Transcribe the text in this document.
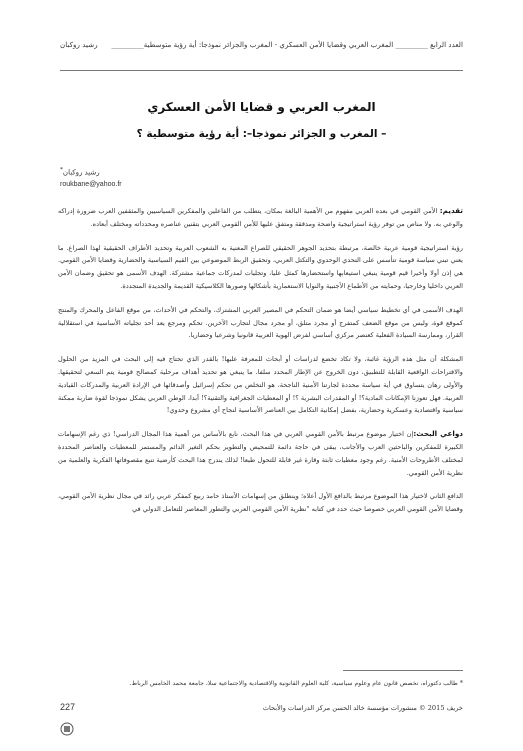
العدد الرابع _________ المغرب العربي وقضايا الأمن العسكري - المغرب والجزائر نموذجا: أية رؤية متوسطية_________
رشيد روكبان
المغرب العربي و قضايا الأمن العسكري
– المغرب و الجزائر نموذجا–: أية رؤية متوسطية ؟
رشيد روكبان*
roukbane@yahoo.fr

تقديم: الأمن القومي في بعده العربي مفهوم من الأهمية البالغة بمكان، يتطلب من الفاعلين والمفكرين السياسيين والمثقفين العرب ضرورة إدراكه والوعي به. ولا مناص من توفر رؤية استراتيجية واضحة ومدققة ومتفق عليها للأمن القومي العربي بتقنين عناصره ومحدداته ومختلف أبعاده.

رؤية استراتيجية قومية عربية خالصة، مرتبطة بتحديد الجوهر الحقيقي للصراع المعنية به الشعوب العربية وتحديد الأطراف الحقيقية لهذا الصراع. ما يعني تبني سياسة قومية تتأسس على التحدي الوحدوي والتكتل العربي، وتحقيق الربط الموضوعي بين القيم السياسية والحضارية وقضايا الأمن القومي. هي إذن أولا وأخيرا قيم قومية ينبغي استيعابها واستحضارها كمثل عليا، وتجليات لمدركات جماعية مشتركة. الهدف الأسمى هو تحقيق وضمان الأمن العربي داخليا وخارجيا، وحمايته من الأطماع الأجنبية والنوايا الاستعمارية بأشكالها وصورها الكلاسيكية القديمة والجديدة المتجددة.

الهدف الأسمى في أي تخطيط سياسي أيضا هو ضمان التحكم في المصير العربي المشترك، والتحكم في الأحداث، من موقع الفاعل والمحرك والمنتج كموقع قوة، وليس من موقع الضعف كمتفرج أو مجرد متلق، أو مجرد مجال لتجارب الآخرين. تحكم ومرجع يعد أحد تجلياته الأساسية في استقلالية القرار، وممارسة السيادة الفعلية كعنصر مركزي أساسي لفرض الهوية العربية قانونيا وشرعيا وحضاريا.

المشكلة أن مثل هذه الرؤية غائبة، ولا تكاد تخضع لدراسات أو أبحاث للمعرفة عليها! بالقدر الذي تحتاج فيه إلى البحث في المزيد من الحلول والاقتراحات الواقعية القابلة للتطبيق، دون الخروج عن الإطار المحدد سلفا. ما ينبغي هو تحديد أهداف مرحلية كمصالح قومية يتم السعي لتحقيقها. والأولى رهان يتساوق في أية سياسة محددة لجارتنا الأمنية الناجحة، هو التخلص من تحكم إسرائيل وأصدقائها في الإرادة العربية والمدركات القيادية العربية. فهل تعوزنا الإمكانات المادية؟! أو المقدرات البشرية ؟! أو المعطيات الجغرافية والتقنية؟! أبدا، الوطن العربي يشكل نموذجا لقوة ضاربة ممكنة سياسية واقتصادية وعسكرية وحضارية، بفضل إمكانية التكامل بين العناصر الأساسية لنجاح أي مشروع وحدوي!

دواعي البحث:إن اختيار موضوع مرتبط بالأمن القومي العربي في هذا البحث، نابع بالأساس من أهمية هذا المجال الدراسي! ذي رغم الإسهامات الكبيرة للمفكرين والباحثين العرب والأجانب، يبقى في حاجة دائمة للتمحيص والتطوير بحكم التغير الدائم والمستمر للمعطيات والعناصر المحددة لمختلف الأطروحات الأمنية. رغم وجود معطيات ثابتة وقارة غير قابلة للتحول طبعا! لذلك يندرج هذا البحث كأرضية تنبع مقصوفاتها الفكرية والعلمية من نظرية الأمن القومي.

الدافع الثاني لاختيار هذا الموضوع مرتبط بالدافع الأول أعلاه؛ وينطلق من إسهامات الأستاذ حامد ربيع كمفكر عربي رائد في مجال نظرية الأمن القومي، وقضايا الأمن القومي العربي خصوصا حيث حدد في كتابه "نظرية الأمن القومي العربي والتطور المعاصر للتعامل الدولي في

* طالب دكتوراه، تخصص قانون عام وعلوم سياسية، كلية العلوم القانونية والاقتصادية والاجتماعية سلا، جامعة محمد الخامس الرباط.
227	خريف 2015 © منشورات مؤسسة خالد الحسن مركز الدراسات والأبحاث
